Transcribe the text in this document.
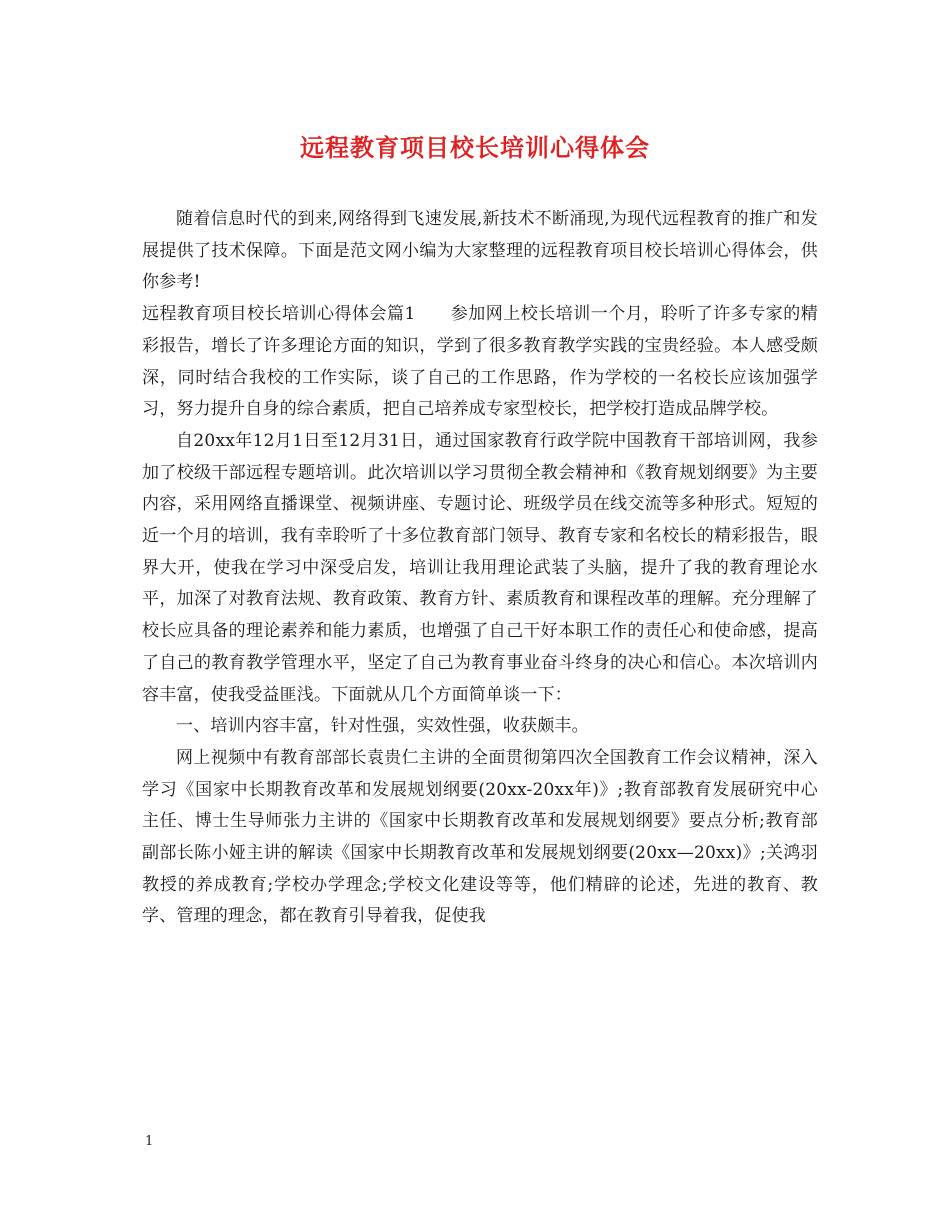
远程教育项目校长培训心得体会

随着信息时代的到来,网络得到飞速发展,新技术不断涌现,为现代远程教育的推广和发展提供了技术保障。下面是范文网小编为大家整理的远程教育项目校长培训心得体会，供你参考!

远程教育项目校长培训心得体会篇1　　参加网上校长培训一个月，聆听了许多专家的精彩报告，增长了许多理论方面的知识，学到了很多教育教学实践的宝贵经验。本人感受颇深，同时结合我校的工作实际，谈了自己的工作思路，作为学校的一名校长应该加强学习，努力提升自身的综合素质，把自己培养成专家型校长，把学校打造成品牌学校。

自20xx年12月1日至12月31日，通过国家教育行政学院中国教育干部培训网，我参加了校级干部远程专题培训。此次培训以学习贯彻全教会精神和《教育规划纲要》为主要内容，采用网络直播课堂、视频讲座、专题讨论、班级学员在线交流等多种形式。短短的近一个月的培训，我有幸聆听了十多位教育部门领导、教育专家和名校长的精彩报告，眼界大开，使我在学习中深受启发，培训让我用理论武装了头脑，提升了我的教育理论水平，加深了对教育法规、教育政策、教育方针、素质教育和课程改革的理解。充分理解了校长应具备的理论素养和能力素质，也增强了自己干好本职工作的责任心和使命感，提高了自己的教育教学管理水平，坚定了自己为教育事业奋斗终身的决心和信心。本次培训内容丰富，使我受益匪浅。下面就从几个方面简单谈一下：

一、培训内容丰富，针对性强，实效性强，收获颇丰。

网上视频中有教育部部长袁贵仁主讲的全面贯彻第四次全国教育工作会议精神，深入学习《国家中长期教育改革和发展规划纲要(20xx-20xx年)》;教育部教育发展研究中心主任、博士生导师张力主讲的《国家中长期教育改革和发展规划纲要》要点分析;教育部副部长陈小娅主讲的解读《国家中长期教育改革和发展规划纲要(20xx—20xx)》;关鸿羽教授的养成教育;学校办学理念;学校文化建设等等，他们精辟的论述，先进的教育、教学、管理的理念，都在教育引导着我，促使我

1
